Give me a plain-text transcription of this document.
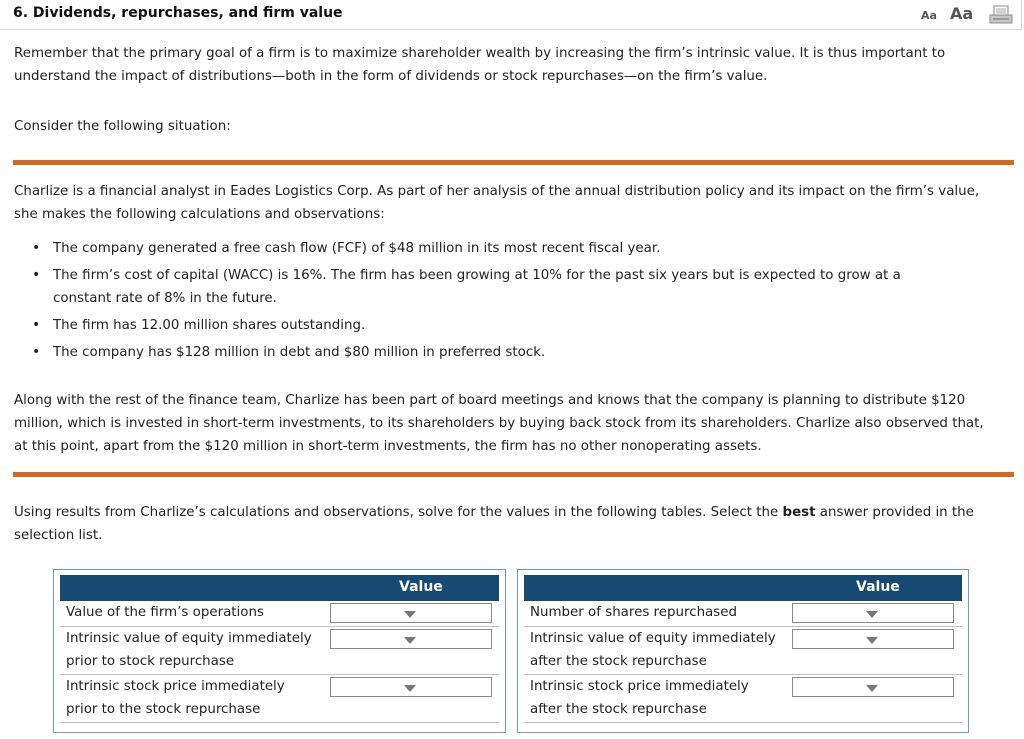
6. Dividends, repurchases, and firm value	Aa Aa
Remember that the primary goal of a firm is to maximize shareholder wealth by increasing the firm’s intrinsic value. It is thus important to
understand the impact of distributions—both in the form of dividends or stock repurchases—on the firm’s value.
Consider the following situation:
Charlize is a financial analyst in Eades Logistics Corp. As part of her analysis of the annual distribution policy and its impact on the firm’s value,
she makes the following calculations and observations:
• The company generated a free cash flow (FCF) of $48 million in its most recent fiscal year.
• The firm’s cost of capital (WACC) is 16%. The firm has been growing at 10% for the past six years but is expected to grow at a constant rate of 8% in the future.
• The firm has 12.00 million shares outstanding.
• The company has $128 million in debt and $80 million in preferred stock.
Along with the rest of the finance team, Charlize has been part of board meetings and knows that the company is planning to distribute $120
million, which is invested in short-term investments, to its shareholders by buying back stock from its shareholders. Charlize also observed that,
at this point, apart from the $120 million in short-term investments, the firm has no other nonoperating assets.
Using results from Charlize’s calculations and observations, solve for the values in the following tables. Select the best answer provided in the
selection list.
Value
Value of the firm’s operations
Intrinsic value of equity immediately
prior to stock repurchase
Intrinsic stock price immediately
prior to the stock repurchase
Value
Number of shares repurchased
Intrinsic value of equity immediately
after the stock repurchase
Intrinsic stock price immediately
after the stock repurchase
